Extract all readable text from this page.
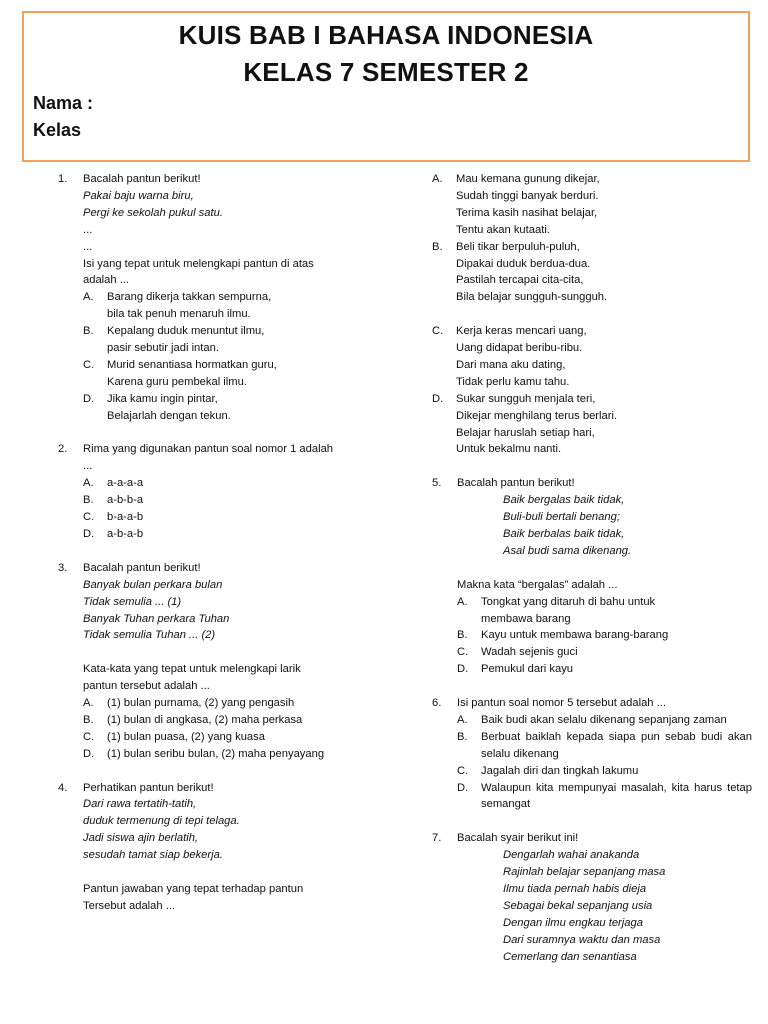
KUIS BAB I BAHASA INDONESIA
KELAS 7 SEMESTER 2
Nama :
Kelas
1.	Bacalah pantun berikut!
Pakai baju warna biru,
Pergi ke sekolah pukul satu.
...
...
Isi yang tepat untuk melengkapi pantun di atas
adalah ...
A.	Barang dikerja takkan sempurna,
bila tak penuh menaruh ilmu.
B.	Kepalang duduk menuntut ilmu,
pasir sebutir jadi intan.
C.	Murid senantiasa hormatkan guru,
Karena guru pembekal ilmu.
D.	Jika kamu ingin pintar,
Belajarlah dengan tekun.
2.	Rima yang digunakan pantun soal nomor 1 adalah
...
A.	a-a-a-a
B.	a-b-b-a
C.	b-a-a-b
D.	a-b-a-b
3.	Bacalah pantun berikut!
Banyak bulan perkara bulan
Tidak semulia ... (1)
Banyak Tuhan perkara Tuhan
Tidak semulia Tuhan ... (2)
Kata-kata yang tepat untuk melengkapi larik
pantun tersebut adalah ...
A.	(1) bulan purnama, (2) yang pengasih
B.	(1) bulan di angkasa, (2) maha perkasa
C.	(1) bulan puasa, (2) yang kuasa
D.	(1) bulan seribu bulan, (2) maha penyayang
4.	Perhatikan pantun berikut!
Dari rawa tertatih-tatih,
duduk termenung di tepi telaga.
Jadi siswa ajin berlatih,
sesudah tamat siap bekerja.
Pantun jawaban yang tepat terhadap pantun
Tersebut adalah ...
A.	Mau kemana gunung dikejar,
Sudah tinggi banyak berduri.
Terima kasih nasihat belajar,
Tentu akan kutaati.
B.	Beli tikar berpuluh-puluh,
Dipakai duduk berdua-dua.
Pastilah tercapai cita-cita,
Bila belajar sungguh-sungguh.
C.	Kerja keras mencari uang,
Uang didapat beribu-ribu.
Dari mana aku dating,
Tidak perlu kamu tahu.
D.	Sukar sungguh menjala teri,
Dikejar menghilang terus berlari.
Belajar haruslah setiap hari,
Untuk bekalmu nanti.
5.	Bacalah pantun berikut!
Baik bergalas baik tidak,
Buli-buli bertali benang;
Baik berbalas baik tidak,
Asal budi sama dikenang.
Makna kata “bergalas” adalah ...
A.	Tongkat yang ditaruh di bahu untuk
membawa barang
B.	Kayu untuk membawa barang-barang
C.	Wadah sejenis guci
D.	Pemukul dari kayu
6.	Isi pantun soal nomor 5 tersebut adalah ...
A.	Baik budi akan selalu dikenang sepanjang zaman
B.	Berbuat baiklah kepada siapa pun sebab budi akan selalu dikenang
C.	Jagalah diri dan tingkah lakumu
D.	Walaupun kita mempunyai masalah, kita harus tetap semangat
7.	Bacalah syair berikut ini!
Dengarlah wahai anakanda
Rajinlah belajar sepanjang masa
Ilmu tiada pernah habis dieja
Sebagai bekal sepanjang usia
Dengan ilmu engkau terjaga
Dari suramnya waktu dan masa
Cemerlang dan senantiasa
